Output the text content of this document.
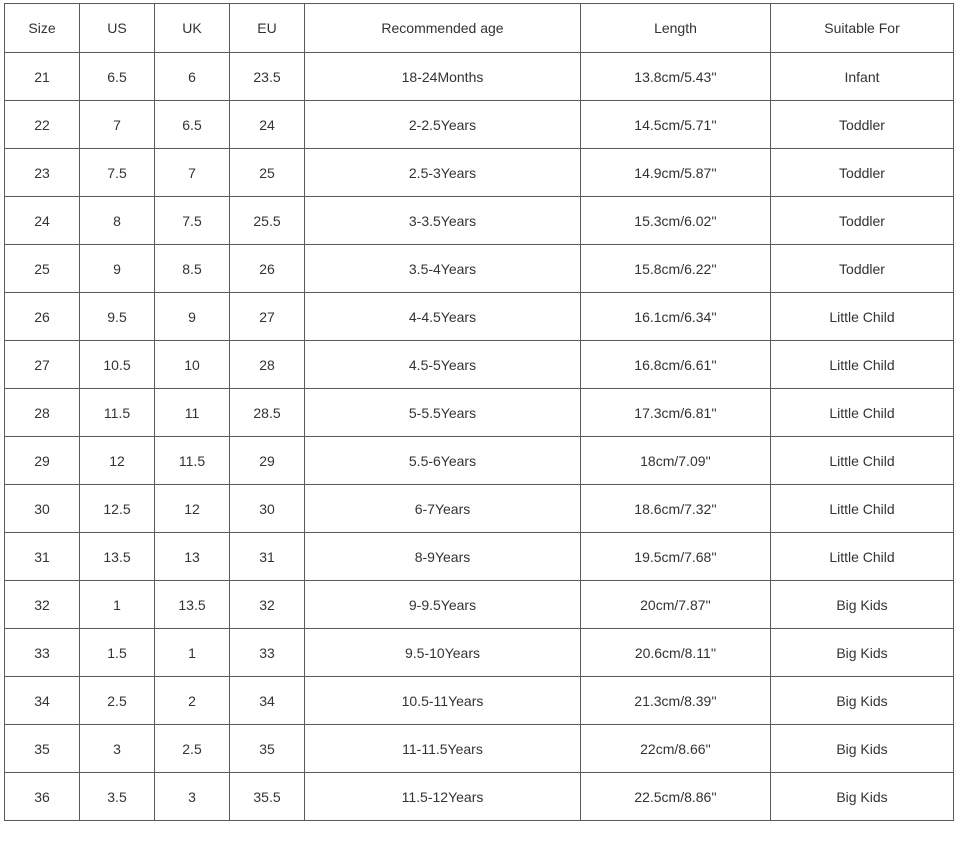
Size	US	UK	EU	Recommended age	Length	Suitable For
21	6.5	6	23.5	18-24Months	13.8cm/5.43''	Infant
22	7	6.5	24	2-2.5Years	14.5cm/5.71''	Toddler
23	7.5	7	25	2.5-3Years	14.9cm/5.87''	Toddler
24	8	7.5	25.5	3-3.5Years	15.3cm/6.02''	Toddler
25	9	8.5	26	3.5-4Years	15.8cm/6.22''	Toddler
26	9.5	9	27	4-4.5Years	16.1cm/6.34''	Little Child
27	10.5	10	28	4.5-5Years	16.8cm/6.61''	Little Child
28	11.5	11	28.5	5-5.5Years	17.3cm/6.81''	Little Child
29	12	11.5	29	5.5-6Years	18cm/7.09''	Little Child
30	12.5	12	30	6-7Years	18.6cm/7.32''	Little Child
31	13.5	13	31	8-9Years	19.5cm/7.68''	Little Child
32	1	13.5	32	9-9.5Years	20cm/7.87''	Big Kids
33	1.5	1	33	9.5-10Years	20.6cm/8.11''	Big Kids
34	2.5	2	34	10.5-11Years	21.3cm/8.39''	Big Kids
35	3	2.5	35	11-11.5Years	22cm/8.66''	Big Kids
36	3.5	3	35.5	11.5-12Years	22.5cm/8.86''	Big Kids
